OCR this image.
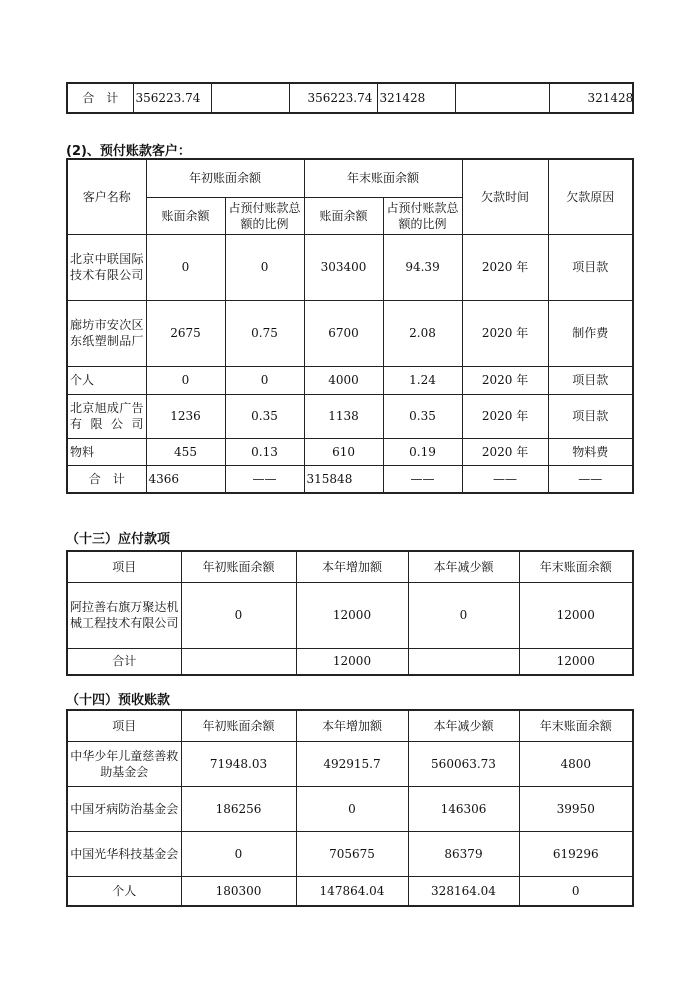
合　计	356223.74		356223.74	321428		321428
(2)、预付账款客户：
客户名称	年初账面余额		年末账面余额		欠款时间	欠款原因
	账面余额	占预付账款总额的比例	账面余额	占预付账款总额的比例		
北京中联国际技术有限公司	0	0	303400	94.39	2020 年	项目款
廊坊市安次区东纸塑制品厂	2675	0.75	6700	2.08	2020 年	制作费
个人	0	0	4000	1.24	2020 年	项目款
北京旭成广告有限公司	1236	0.35	1138	0.35	2020 年	项目款
物料	455	0.13	610	0.19	2020 年	物料费
合　计	4366	——	315848	——	——	——
（十三）应付款项
项目	年初账面余额	本年增加额	本年减少额	年末账面余额
阿拉善右旗万聚达机械工程技术有限公司	0	12000	0	12000
合计		12000		12000
（十四）预收账款
项目	年初账面余额	本年增加额	本年减少额	年末账面余额
中华少年儿童慈善救助基金会	71948.03	492915.7	560063.73	4800
中国牙病防治基金会	186256	0	146306	39950
中国光华科技基金会	0	705675	86379	619296
个人	180300	147864.04	328164.04	0
